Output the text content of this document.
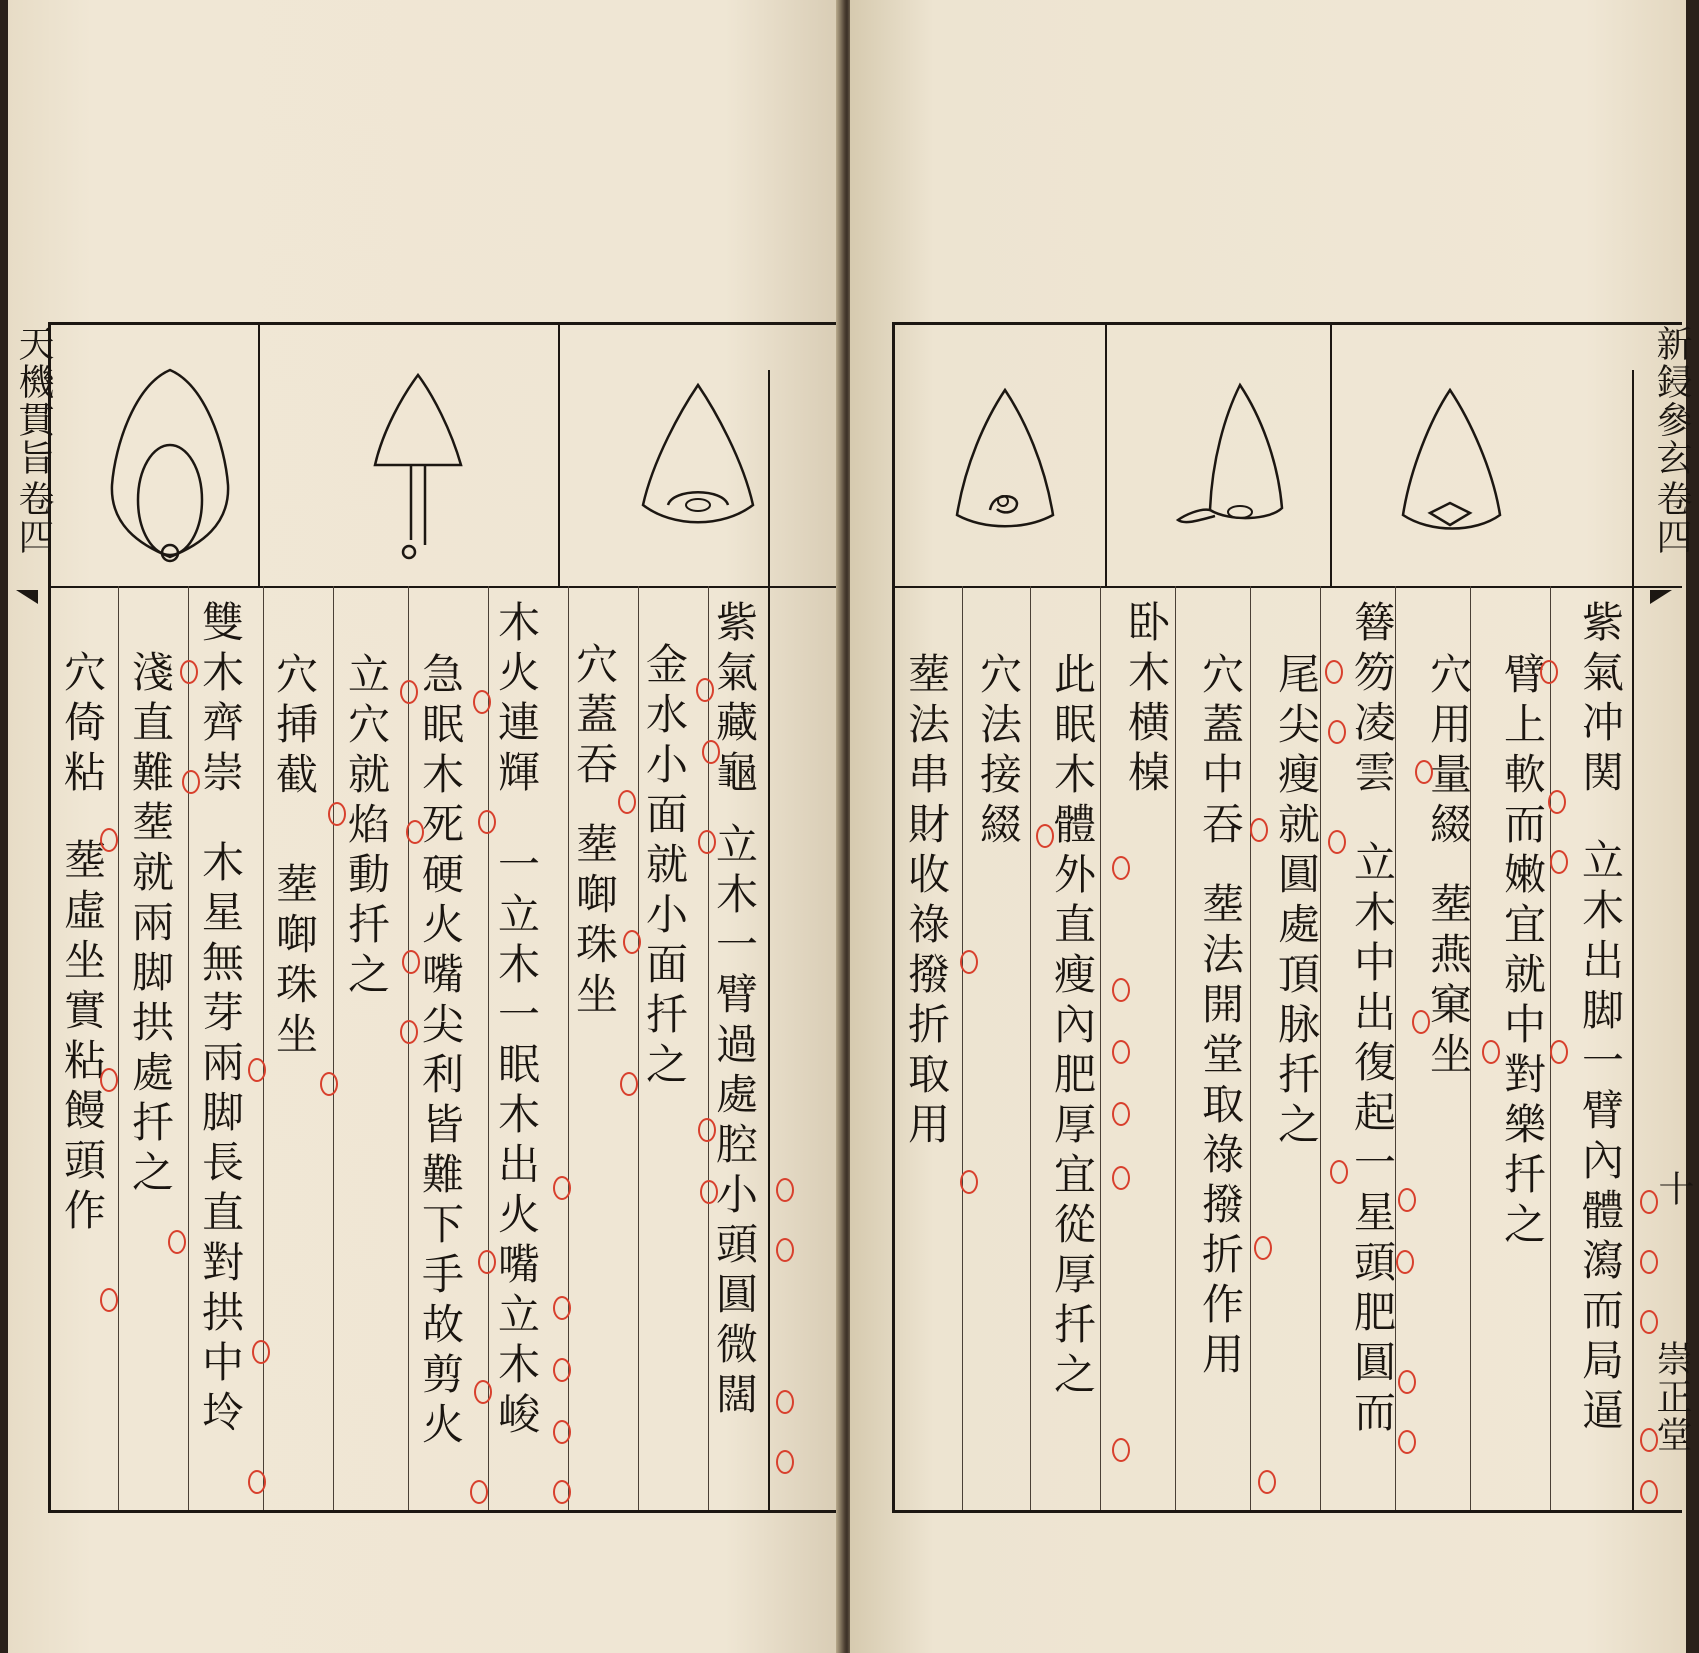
天機貫旨
卷四
紫
氣
藏
龜
立
木
一
臂
過
處
腔
小
頭
圓
微
闊
金
水
小
面
就
小
面
扦
之
穴
蓋
吞
塟
啣
珠
坐
木
火
連
輝
一
立
木
一
眠
木
出
火
嘴
立
木
峻
急
眠
木
死
硬
火
嘴
尖
利
皆
難
下
手
故
剪
火
立
穴
就
焰
動
扦
之
穴
挿
截
塟
啣
珠
坐
雙
木
齊
崇
木
星
無
芽
兩
脚
長
直
對
拱
中
坽
淺
直
難
塟
就
兩
脚
拱
處
扦
之
穴
倚
粘
塟
虛
坐
實
粘
饅
頭
作
新鋟參玄
卷四
十
崇正堂
紫
氣
冲
関
立
木
出
脚
一
臂
內
體
瀉
而
局
逼
臂
上
軟
而
嫩
宜
就
中
對
樂
扦
之
穴
用
量
綴
塟
燕
窠
坐
簮
笏
凌
雲
立
木
中
出
復
起
一
星
頭
肥
圓
而
尾
尖
瘦
就
圓
處
頂
脉
扦
之
穴
蓋
中
吞
塟
法
開
堂
取
祿
撥
折
作
用
卧
木
横
槕
此
眠
木
體
外
直
瘦
內
肥
厚
宜
從
厚
扦
之
穴
法
接
綴
塟
法
串
財
收
祿
撥
折
取
用
